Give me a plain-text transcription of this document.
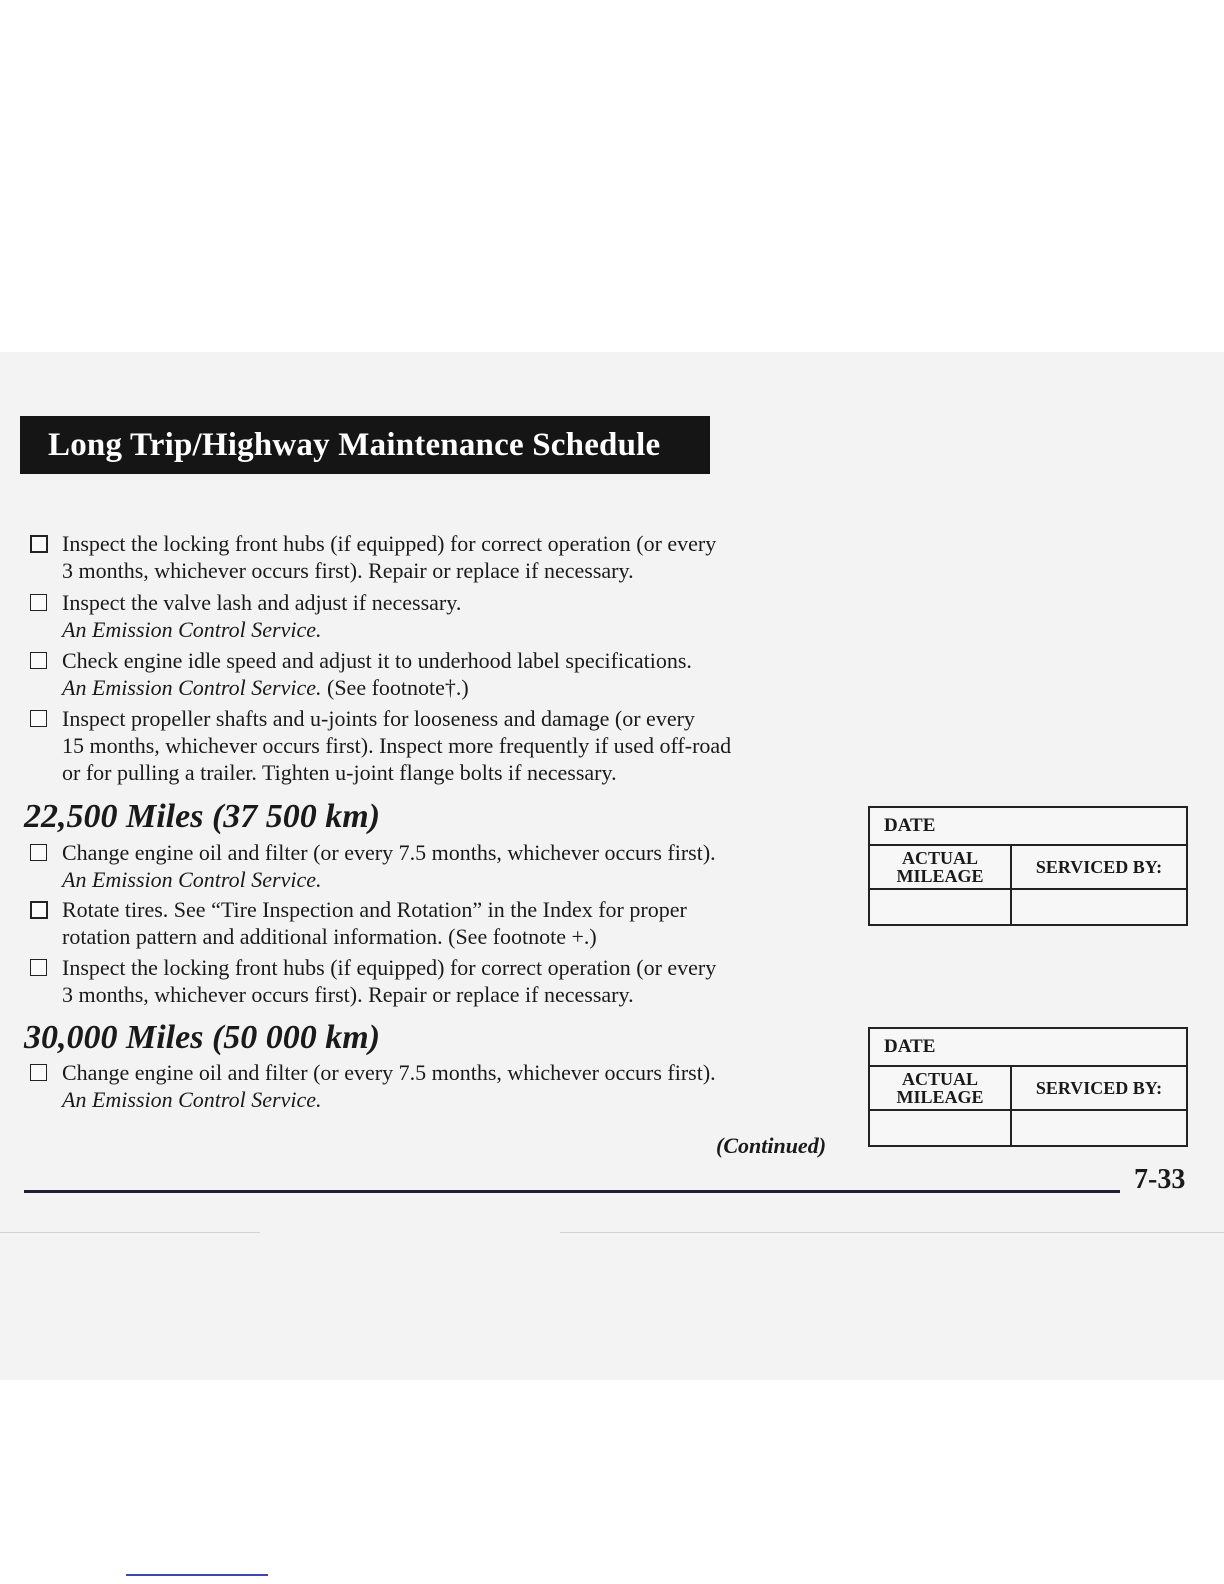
Long Trip/Highway Maintenance Schedule
Inspect the locking front hubs (if equipped) for correct operation (or every
3 months, whichever occurs first). Repair or replace if necessary.
Inspect the valve lash and adjust if necessary.
An Emission Control Service.
Check engine idle speed and adjust it to underhood label specifications.
An Emission Control Service. (See footnote†.)
Inspect propeller shafts and u-joints for looseness and damage (or every
15 months, whichever occurs first). Inspect more frequently if used off-road
or for pulling a trailer. Tighten u-joint flange bolts if necessary.
22,500 Miles (37 500 km)
Change engine oil and filter (or every 7.5 months, whichever occurs first).
An Emission Control Service.
Rotate tires. See “Tire Inspection and Rotation” in the Index for proper
rotation pattern and additional information. (See footnote +.)
Inspect the locking front hubs (if equipped) for correct operation (or every
3 months, whichever occurs first). Repair or replace if necessary.
DATE	
ACTUAL
MILEAGE	SERVICED BY:

30,000 Miles (50 000 km)
Change engine oil and filter (or every 7.5 months, whichever occurs first).
An Emission Control Service.
DATE	
ACTUAL
MILEAGE	SERVICED BY:

(Continued)
7-33
